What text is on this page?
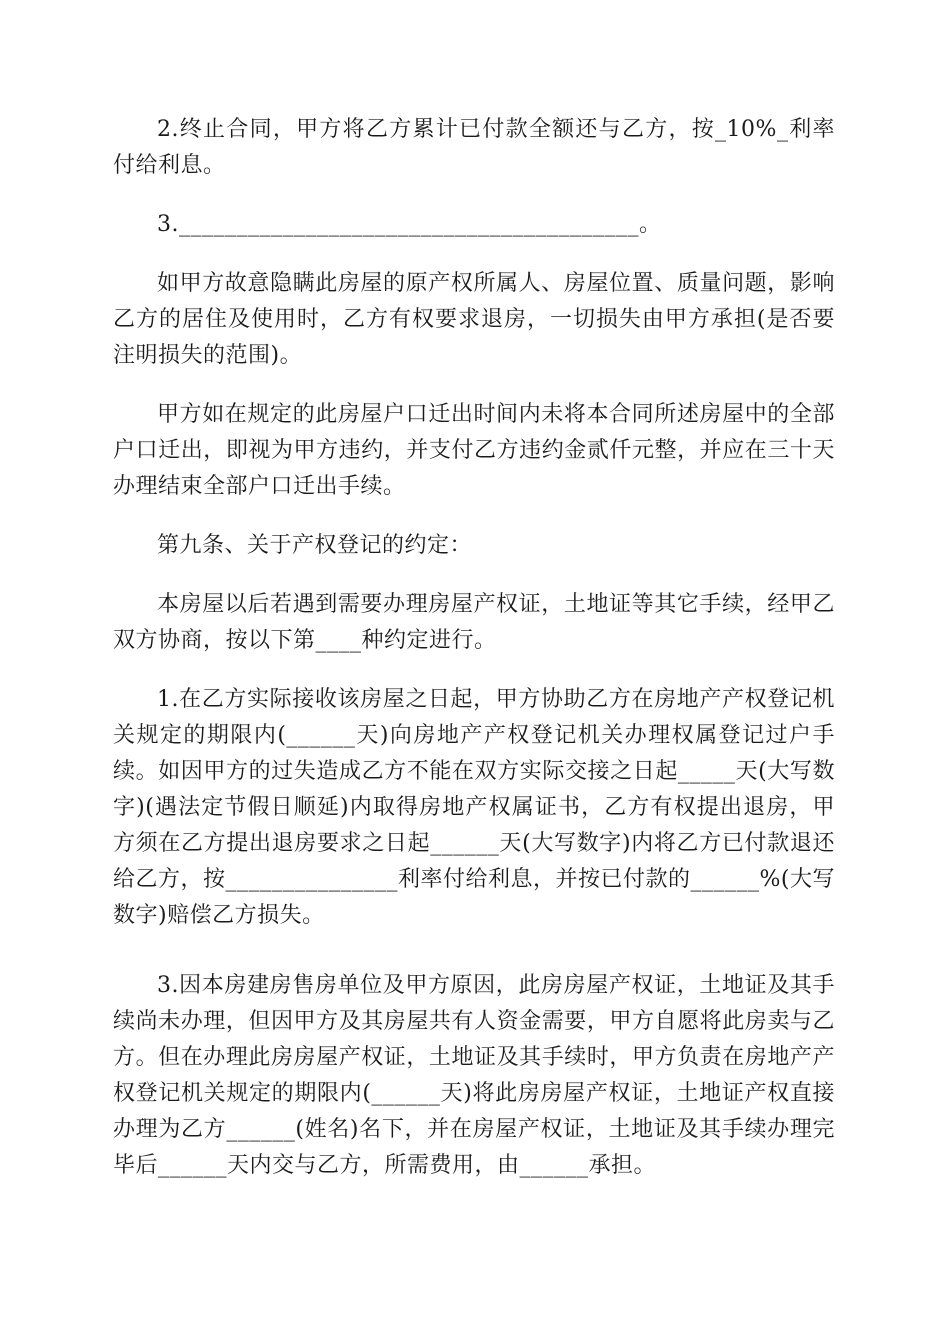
2.终止合同，甲方将乙方累计已付款全额还与乙方，按_10%_利率付给利息。

3.________________________________________。

如甲方故意隐瞒此房屋的原产权所属人、房屋位置、质量问题，影响乙方的居住及使用时，乙方有权要求退房，一切损失由甲方承担(是否要注明损失的范围)。

甲方如在规定的此房屋户口迁出时间内未将本合同所述房屋中的全部户口迁出，即视为甲方违约，并支付乙方违约金贰仟元整，并应在三十天办理结束全部户口迁出手续。

第九条、关于产权登记的约定：

本房屋以后若遇到需要办理房屋产权证，土地证等其它手续，经甲乙双方协商，按以下第____种约定进行。

1.在乙方实际接收该房屋之日起，甲方协助乙方在房地产产权登记机关规定的期限内(______天)向房地产产权登记机关办理权属登记过户手续。如因甲方的过失造成乙方不能在双方实际交接之日起_____天(大写数字)(遇法定节假日顺延)内取得房地产权属证书，乙方有权提出退房，甲方须在乙方提出退房要求之日起______天(大写数字)内将乙方已付款退还给乙方，按_______________利率付给利息，并按已付款的______%(大写数字)赔偿乙方损失。

3.因本房建房售房单位及甲方原因，此房房屋产权证，土地证及其手续尚未办理，但因甲方及其房屋共有人资金需要，甲方自愿将此房卖与乙方。但在办理此房房屋产权证，土地证及其手续时，甲方负责在房地产产权登记机关规定的期限内(______天)将此房房屋产权证，土地证产权直接办理为乙方______(姓名)名下，并在房屋产权证，土地证及其手续办理完毕后______天内交与乙方，所需费用，由______承担。
